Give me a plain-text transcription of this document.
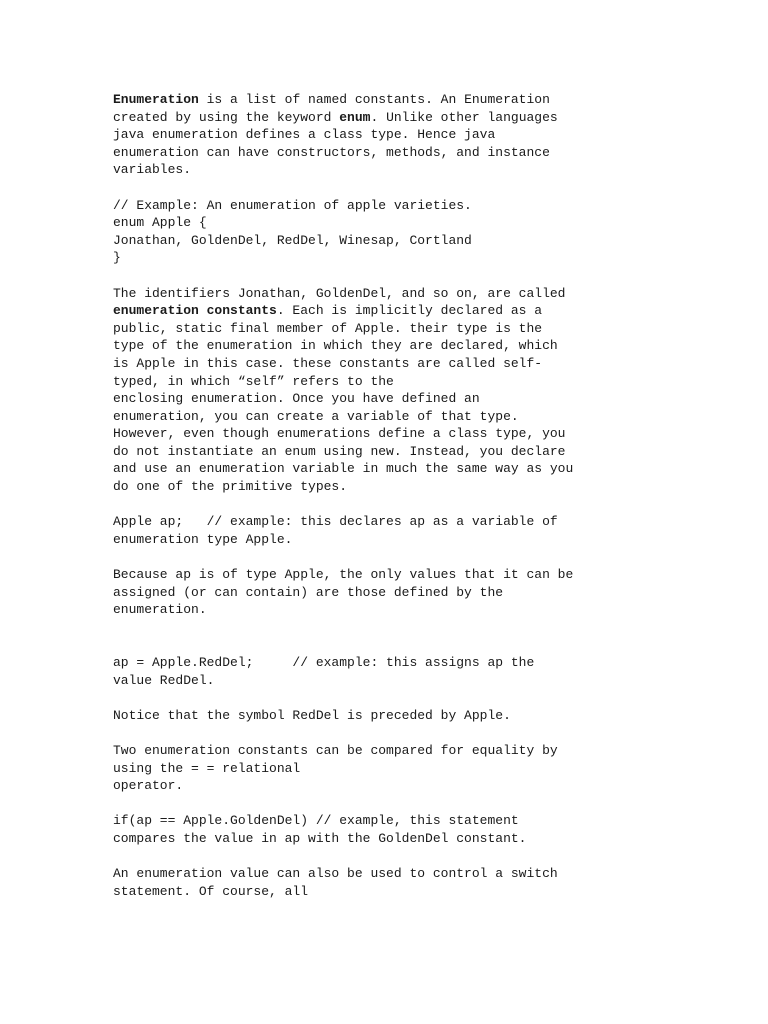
Enumeration is a list of named constants. An Enumeration
created by using the keyword enum. Unlike other languages
java enumeration defines a class type. Hence java
enumeration can have constructors, methods, and instance
variables.
// Example: An enumeration of apple varieties.
enum Apple {
Jonathan, GoldenDel, RedDel, Winesap, Cortland
}
The identifiers Jonathan, GoldenDel, and so on, are called
enumeration constants. Each is implicitly declared as a
public, static final member of Apple. their type is the
type of the enumeration in which they are declared, which
is Apple in this case. these constants are called self-
typed, in which “self” refers to the
enclosing enumeration. Once you have defined an
enumeration, you can create a variable of that type.
However, even though enumerations define a class type, you
do not instantiate an enum using new. Instead, you declare
and use an enumeration variable in much the same way as you
do one of the primitive types.
Apple ap;   // example: this declares ap as a variable of
enumeration type Apple.
Because ap is of type Apple, the only values that it can be
assigned (or can contain) are those defined by the
enumeration.
ap = Apple.RedDel;     // example: this assigns ap the
value RedDel.
Notice that the symbol RedDel is preceded by Apple.
Two enumeration constants can be compared for equality by
using the = = relational
operator.
if(ap == Apple.GoldenDel) // example, this statement
compares the value in ap with the GoldenDel constant.
An enumeration value can also be used to control a switch
statement. Of course, all
